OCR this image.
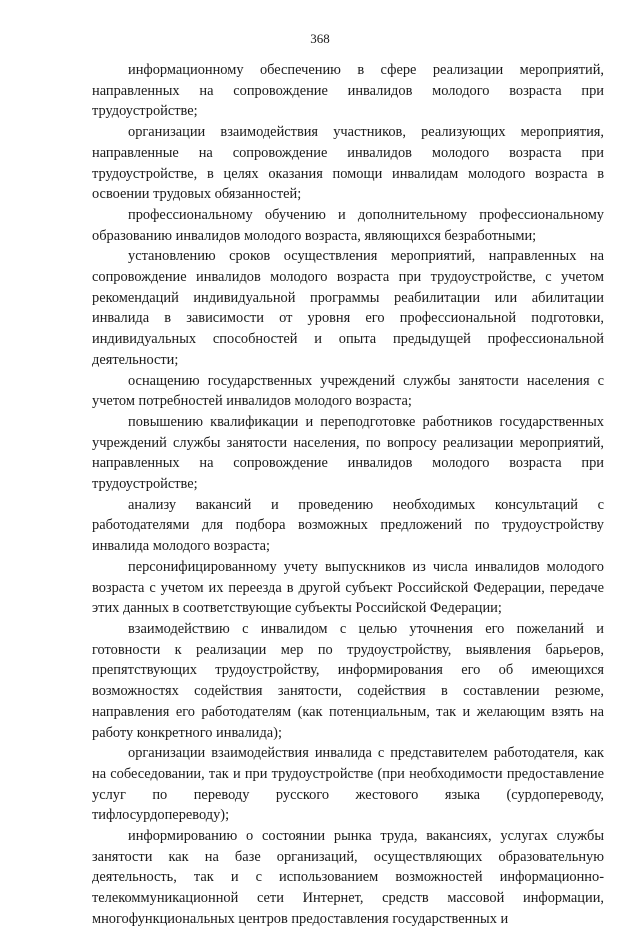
368

информационному обеспечению в сфере реализации мероприятий, направленных на сопровождение инвалидов молодого возраста при трудоустройстве;

организации взаимодействия участников, реализующих мероприятия, направленные на сопровождение инвалидов молодого возраста при трудоустройстве, в целях оказания помощи инвалидам молодого возраста в освоении трудовых обязанностей;

профессиональному обучению и дополнительному профессиональному образованию инвалидов молодого возраста, являющихся безработными;

установлению сроков осуществления мероприятий, направленных на сопровождение инвалидов молодого возраста при трудоустройстве, с учетом рекомендаций индивидуальной программы реабилитации или абилитации инвалида в зависимости от уровня его профессиональной подготовки, индивидуальных способностей и опыта предыдущей профессиональной деятельности;

оснащению государственных учреждений службы занятости населения с учетом потребностей инвалидов молодого возраста;

повышению квалификации и переподготовке работников государственных учреждений службы занятости населения, по вопросу реализации мероприятий, направленных на сопровождение инвалидов молодого возраста при трудоустройстве;

анализу вакансий и проведению необходимых консультаций с работодателями для подбора возможных предложений по трудоустройству инвалида молодого возраста;

персонифицированному учету выпускников из числа инвалидов молодого возраста с учетом их переезда в другой субъект Российской Федерации, передаче этих данных в соответствующие субъекты Российской Федерации;

взаимодействию с инвалидом с целью уточнения его пожеланий и готовности к реализации мер по трудоустройству, выявления барьеров, препятствующих трудоустройству, информирования его об имеющихся возможностях содействия занятости, содействия в составлении резюме, направления его работодателям (как потенциальным, так и желающим взять на работу конкретного инвалида);

организации взаимодействия инвалида с представителем работодателя, как на собеседовании, так и при трудоустройстве (при необходимости предоставление услуг по переводу русского жестового языка (сурдопереводу, тифлосурдопереводу);

информированию о состоянии рынка труда, вакансиях, услугах службы занятости как на базе организаций, осуществляющих образовательную деятельность, так и с использованием возможностей информационно-телекоммуникационной сети Интернет, средств массовой информации, многофункциональных центров предоставления государственных и
